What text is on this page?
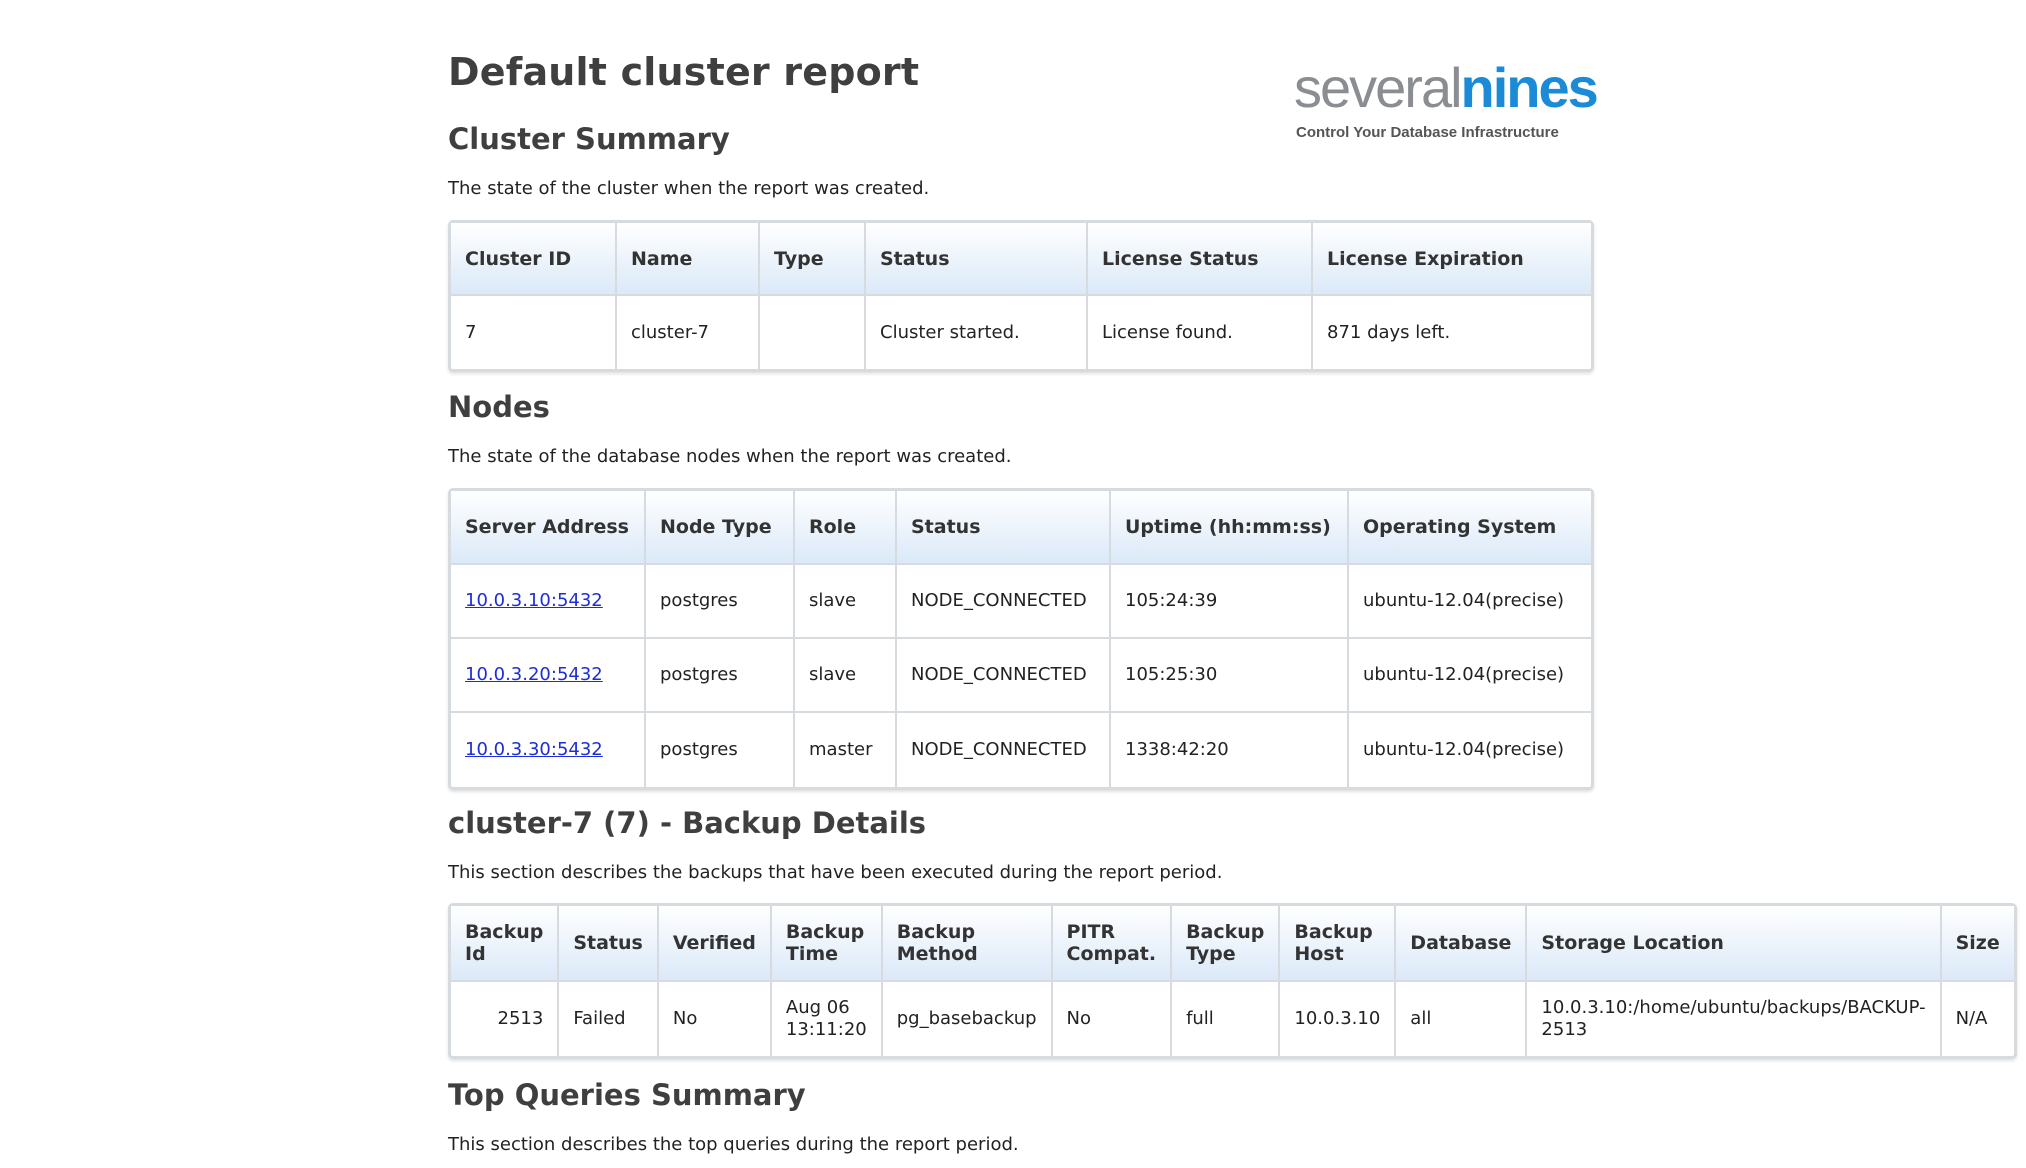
Default cluster report	severalnines
Control Your Database Infrastructure
Cluster Summary

The state of the cluster when the report was created.

Cluster ID	Name	Type	Status	License Status	License Expiration
7	cluster-7		Cluster started.	License found.	871 days left.
Nodes

The state of the database nodes when the report was created.

Server Address	Node Type	Role	Status	Uptime (hh:mm:ss)	Operating System
10.0.3.10:5432	postgres	slave	NODE_CONNECTED	105:24:39	ubuntu-12.04(precise)
10.0.3.20:5432	postgres	slave	NODE_CONNECTED	105:25:30	ubuntu-12.04(precise)
10.0.3.30:5432	postgres	master	NODE_CONNECTED	1338:42:20	ubuntu-12.04(precise)
cluster-7 (7) - Backup Details

This section describes the backups that have been executed during the report period.

Backup Id	Status	Verified	Backup Time	Backup Method	PITR Compat.	Backup Type	Backup Host	Database	Storage Location	Size
2513	Failed	No	Aug 06 13:11:20	pg_basebackup	No	full	10.0.3.10	all	10.0.3.10:/home/ubuntu/backups/BACKUP-2513	N/A
Top Queries Summary

This section describes the top queries during the report period.
